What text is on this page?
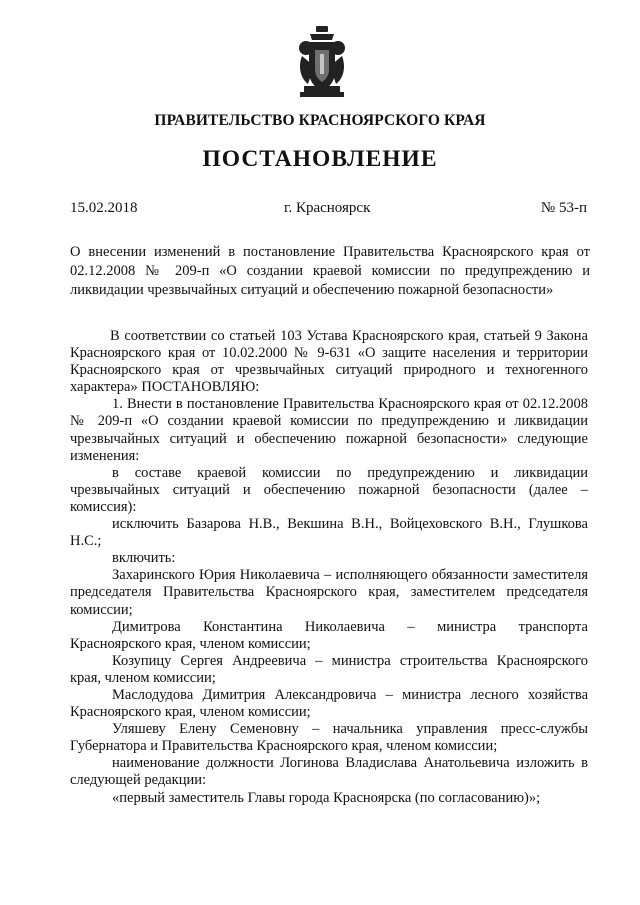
ПРАВИТЕЛЬСТВО КРАСНОЯРСКОГО КРАЯ
ПОСТАНОВЛЕНИЕ
15.02.2018	г. Красноярск	№ 53-п
О внесении изменений в постановление Правительства Красноярского края от 02.12.2008 № 209-п «О создании краевой комиссии по предупреждению и ликвидации чрезвычайных ситуаций и обеспечению пожарной безопасности»

В соответствии со статьей 103 Устава Красноярского края, статьей 9 Закона Красноярского края от 10.02.2000 № 9-631 «О защите населения и территории Красноярского края от чрезвычайных ситуаций природного и техногенного характера» ПОСТАНОВЛЯЮ:

1. Внести в постановление Правительства Красноярского края от 02.12.2008 № 209-п «О создании краевой комиссии по предупреждению и ликвидации чрезвычайных ситуаций и обеспечению пожарной безопасности» следующие изменения:

в составе краевой комиссии по предупреждению и ликвидации чрезвычайных ситуаций и обеспечению пожарной безопасности (далее – комиссия):

исключить Базарова Н.В., Векшина В.Н., Войцеховского В.Н., Глушкова Н.С.;

включить:

Захаринского Юрия Николаевича – исполняющего обязанности заместителя председателя Правительства Красноярского края, заместителем председателя комиссии;

Димитрова Константина Николаевича – министра транспорта Красноярского края, членом комиссии;

Козупицу Сергея Андреевича – министра строительства Красноярского края, членом комиссии;

Маслодудова Димитрия Александровича – министра лесного хозяйства Красноярского края, членом комиссии;

Уляшеву Елену Семеновну – начальника управления пресс-службы Губернатора и Правительства Красноярского края, членом комиссии;

наименование должности Логинова Владислава Анатольевича изложить в следующей редакции:

«первый заместитель Главы города Красноярска (по согласованию)»;
